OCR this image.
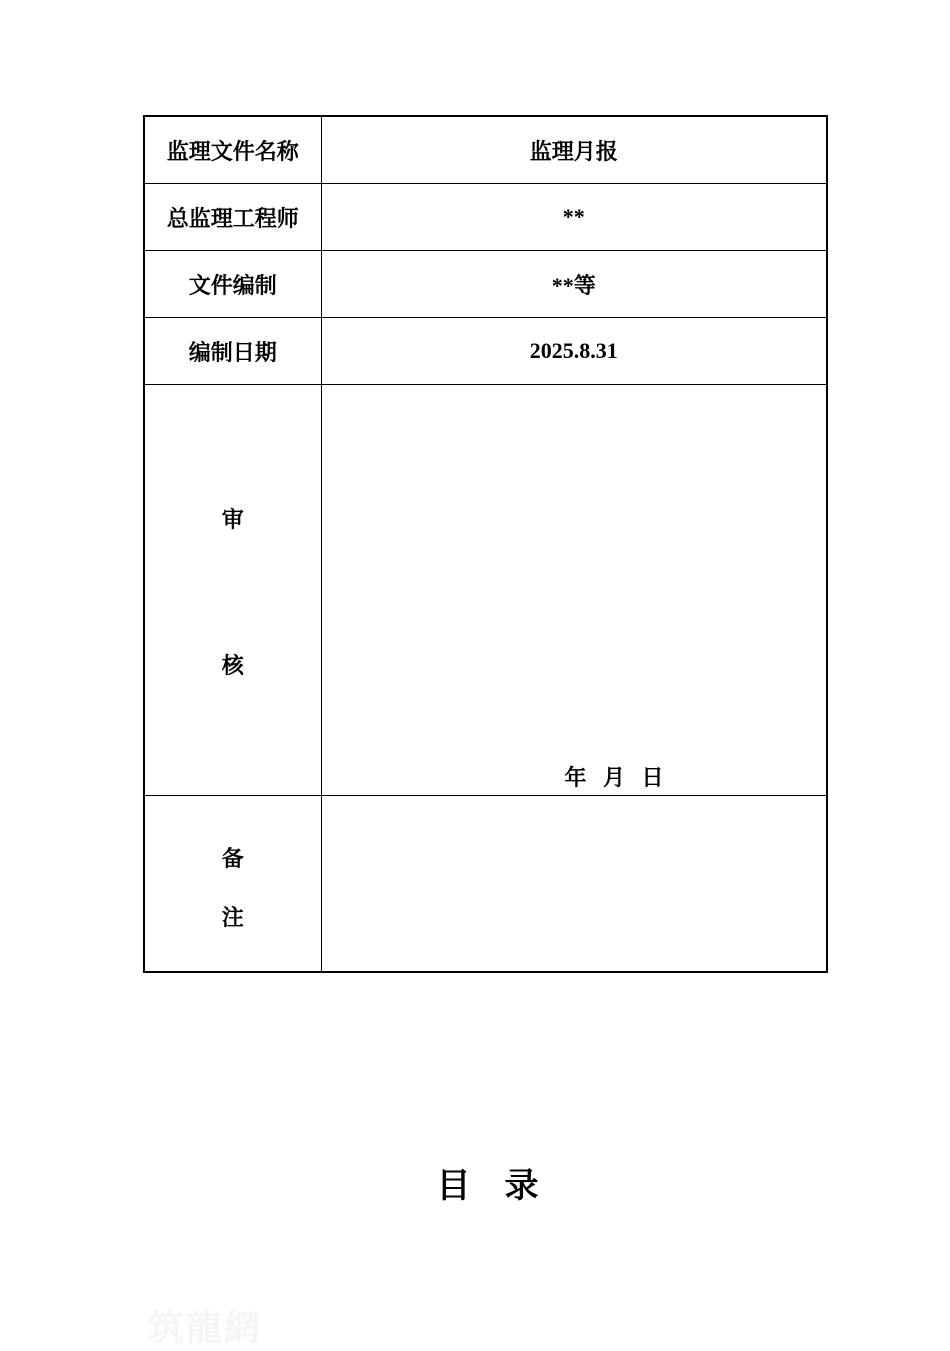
监理文件名称	监理月报
总监理工程师	**
文件编制	**等
编制日期	2025.8.31

审
核	年   月   日

备
注	

目    录
筑龍網
